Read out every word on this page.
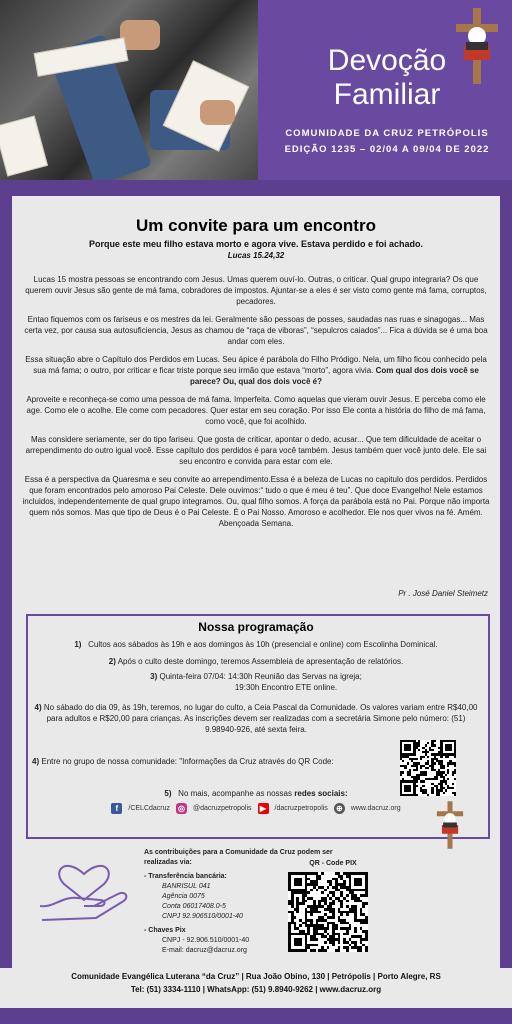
Devoção
Familiar
COMUNIDADE DA CRUZ PETRÓPOLIS
EDIÇÃO 1235 – 02/04 A 09/04 DE 2022
Um convite para um encontro
Porque este meu filho estava morto e agora vive. Estava perdido e foi achado.
Lucas 15.24,32

Lucas 15 mostra pessoas se encontrando com Jesus. Umas querem ouví-lo. Outras, o criticar. Qual grupo integraria? Os que querem ouvir Jesus são gente de má fama, cobradores de impostos. Ajuntar-se a eles é ser visto como gente má fama, corruptos, pecadores.

Entao fiquemos com os fariseus e os mestres da lei. Geralmente são pessoas de posses, saudadas nas ruas e sinagogas... Mas certa vez, por causa sua autosuficiencia, Jesus as chamou de “raça de viboras”, “sepulcros caiados”... Fica a dúvida se é uma boa andar com eles.

Essa situação abre o Capítulo dos Perdidos em Lucas. Seu ápice é parábola do Filho Pródigo. Nela, um filho ficou conhecido pela sua má fama; o outro, por criticar e ficar triste porque seu irmão que estava “morto”, agora vivia. Com qual dos dois você se parece? Ou, qual dos dois você é?

Aproveite e reconheça-se como uma pessoa de má fama. Imperfeita. Como aquelas que vieram ouvir Jesus. E perceba como ele age. Como ele o acolhe. Ele come com pecadores. Quer estar em seu coração. Por isso Ele conta a história do filho de má fama, como você, que foi acolhido.

Mas considere seriamente, ser do tipo fariseu. Que gosta de criticar, apontar o dedo, acusar... Que tem dificuldade de aceitar o arrependimento do outro igual você. Esse capítulo dos perdidos é para você também. Jesus também quer você junto dele. Ele sai seu encontro e convida para estar com ele.

Essa é a perspectiva da Quaresma e seu convite ao arrependimento.Essa é a beleza de Lucas no capitulo dos perdidos. Perdidos que foram encontrados pelo amoroso Pai Celeste. Dele ouvimos:“ tudo o que é meu é teu”. Que doce Evangelho! Nele estamos incluidos, independentemente de qual grupo integramos. Ou, qual filho somos. A força da parábola está no Pai. Porque não importa quem nós somos. Mas que tipo de Deus é o Pai Celeste. É o Pai Nosso. Amoroso e acolhedor. Ele nos quer vivos na fé. Amém.

Abençoada Semana.

Pr . José Daniel Steimetz
Nossa programação
1) Cultos aos sábados às 19h e aos domingos às 10h (presencial e online) com Escolinha Dominical.
2) Após o culto deste domingo, teremos Assembleia de apresentação de relatórios.
3) Quinta-feira 07/04: 14:30h Reunião das Servas na igreja;
19:30h Encontro ETE online.
4) No sábado do dia 09, às 19h, teremos, no lugar do culto, a Ceia Pascal da Comunidade. Os valores variam entre R$40,00 para adultos e R$20,00 para crianças. As inscrições devem ser realizadas com a secretária Simone pelo número: (51) 9.98940-926, até sexta feira.
4) Entre no grupo de nossa comunidade: "Informações da Cruz através do QR Code:
5) No mais, acompanhe as nossas redes sociais:
f	/CELCdacruz ◎ @dacruzpetropolis	▶	/dacruzpetropolis ⊕	www.dacruz.org
As contribuições para a Comunidade da Cruz podem ser realizadas via:
- Transferência bancária:
BANRISUL 041
Agência 0075
Conta 06017408.0-5
CNPJ 92.906510/0001-40
- Chaves Pix
CNPJ - 92.906.510/0001-40
E-mail: dacruz@dacruz.org
QR - Code PIX
Comunidade Evangélica Luterana “da Cruz” | Rua João Obino, 130 | Petrópolis | Porto Alegre, RS
Tel: (51) 3334-1110 | WhatsApp: (51) 9.8940-9262 | www.dacruz.org
